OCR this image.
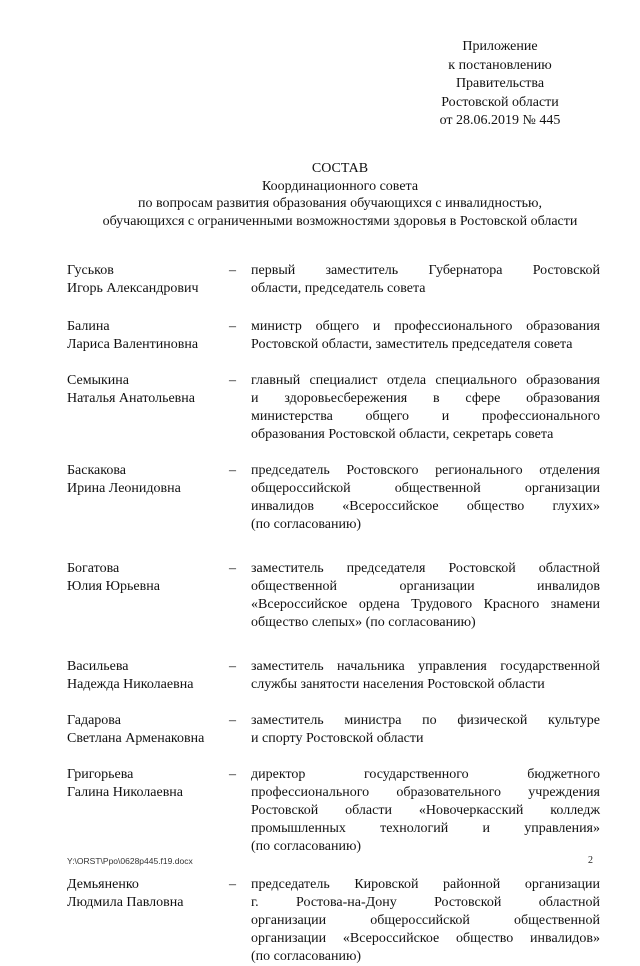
Приложение
к постановлению
Правительства
Ростовской области
от 28.06.2019 № 445
СОСТАВ
Координационного совета
по вопросам развития образования обучающихся с инвалидностью,
обучающихся с ограниченными возможностями здоровья в Ростовской области
Гуськов
Игорь Александрович
– первый заместитель Губернатора Ростовской
области, председатель совета
Балина
Лариса Валентиновна
– министр общего и профессионального образования
Ростовской области, заместитель председателя совета
Семыкина
Наталья Анатольевна
– главный специалист отдела специального образования
и здоровьесбережения в сфере образования
министерства общего и профессионального
образования Ростовской области, секретарь совета
Баскакова
Ирина Леонидовна
– председатель Ростовского регионального отделения
общероссийской общественной организации
инвалидов «Всероссийское общество глухих»
(по согласованию)
Богатова
Юлия Юрьевна
– заместитель председателя Ростовской областной
общественной организации инвалидов
«Всероссийское ордена Трудового Красного знамени
общество слепых» (по согласованию)
Васильева
Надежда Николаевна
– заместитель начальника управления государственной
службы занятости населения Ростовской области
Гадарова
Светлана Арменаковна
– заместитель министра по физической культуре
и спорту Ростовской области
Григорьева
Галина Николаевна
– директор государственного бюджетного
профессионального образовательного учреждения
Ростовской области «Новочеркасский колледж
промышленных технологий и управления»
(по согласованию)
Демьяненко
Людмила Павловна
– председатель Кировской районной организации
г. Ростова-на-Дону Ростовской областной
организации общероссийской общественной
организации «Всероссийское общество инвалидов»
(по согласованию)
Y:\ORST\Ppo\0628p445.f19.docx	2
